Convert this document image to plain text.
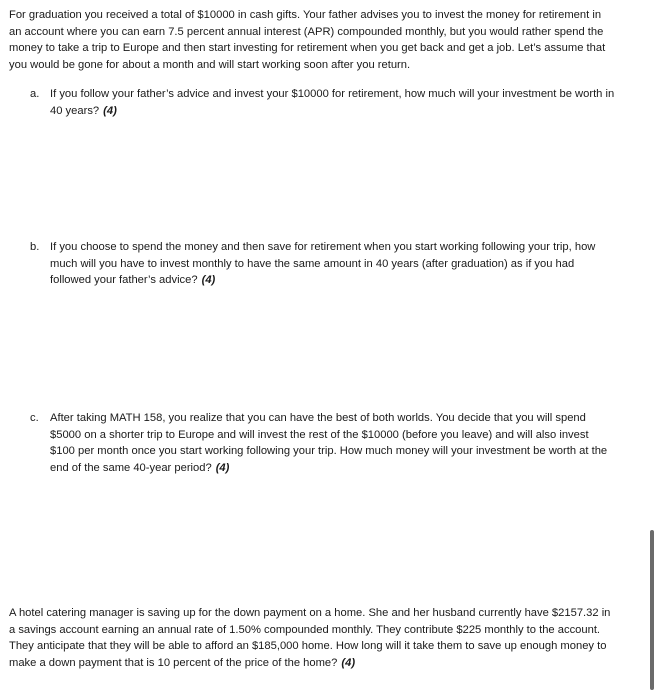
For graduation you received a total of $10000 in cash gifts. Your father advises you to invest the money for retirement in an account where you can earn 7.5 percent annual interest (APR) compounded monthly, but you would rather spend the money to take a trip to Europe and then start investing for retirement when you get back and get a job. Let’s assume that you would be gone for about a month and will start working soon after you return.

a. If you follow your father’s advice and invest your $10000 for retirement, how much will your investment be worth in 40 years? (4)
b. If you choose to spend the money and then save for retirement when you start working following your trip, how much will you have to invest monthly to have the same amount in 40 years (after graduation) as if you had followed your father’s advice? (4)
c. After taking MATH 158, you realize that you can have the best of both worlds. You decide that you will spend $5000 on a shorter trip to Europe and will invest the rest of the $10000 (before you leave) and will also invest $100 per month once you start working following your trip. How much money will your investment be worth at the end of the same 40-year period? (4)

A hotel catering manager is saving up for the down payment on a home. She and her husband currently have $2157.32 in a savings account earning an annual rate of 1.50% compounded monthly. They contribute $225 monthly to the account. They anticipate that they will be able to afford an $185,000 home. How long will it take them to save up enough money to make a down payment that is 10 percent of the price of the home? (4)
